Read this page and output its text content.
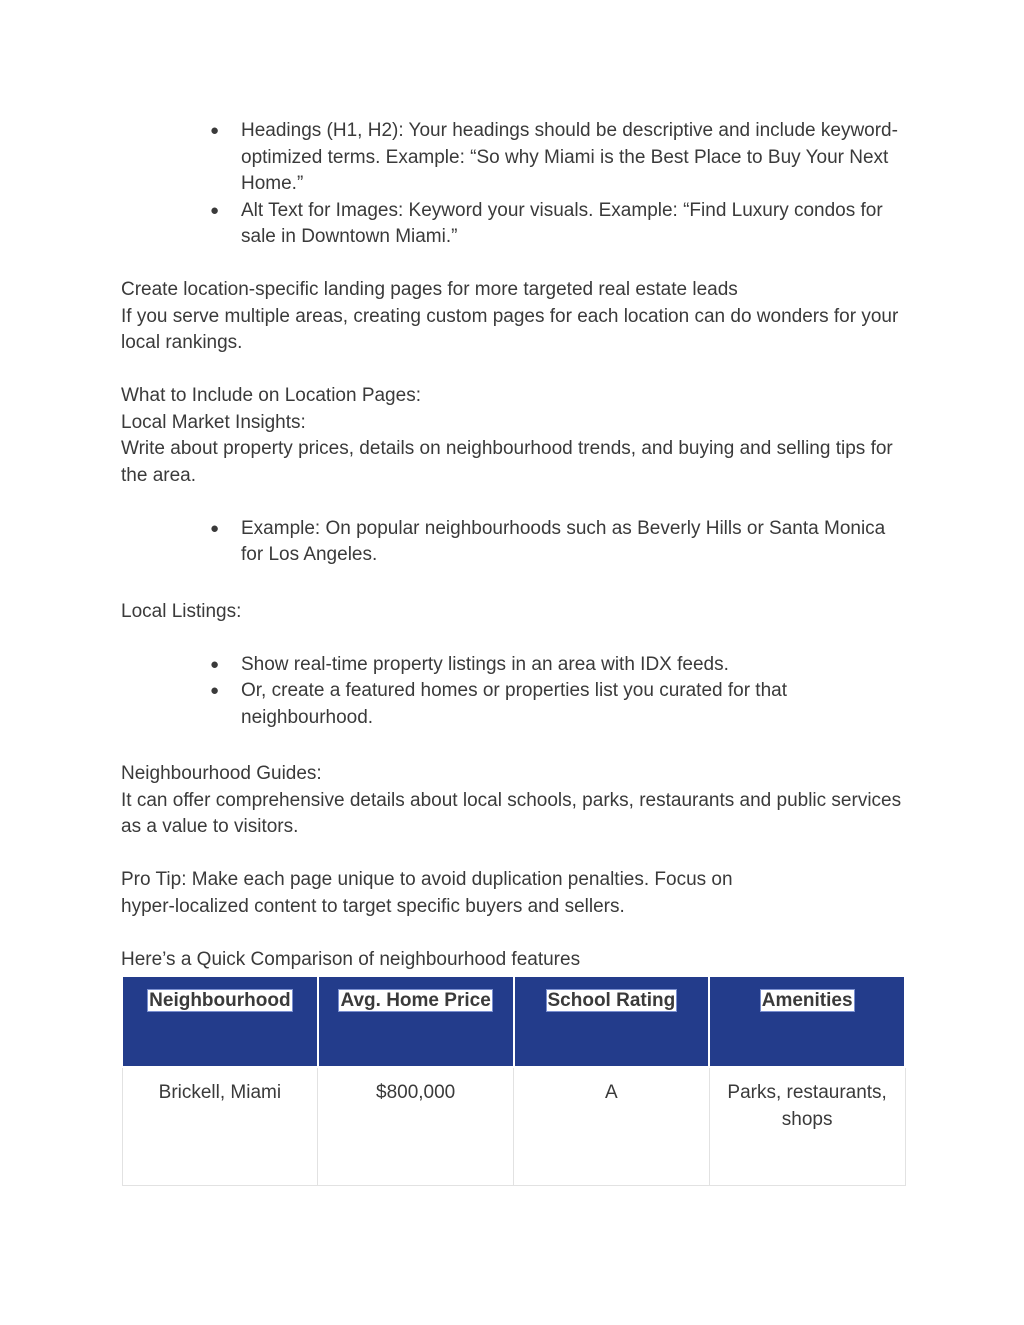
● Headings (H1, H2): Your headings should be descriptive and include keyword-optimized terms. Example: “So why Miami is the Best Place to Buy Your Next Home.”
● Alt Text for Images: Keyword your visuals. Example: “Find Luxury condos for sale in Downtown Miami.”

Create location-specific landing pages for more targeted real estate leads

If you serve multiple areas, creating custom pages for each location can do wonders for your local rankings.

What to Include on Location Pages:

Local Market Insights:

Write about property prices, details on neighbourhood trends, and buying and selling tips for the area.

● Example: On popular neighbourhoods such as Beverly Hills or Santa Monica for Los Angeles.

Local Listings:

● Show real-time property listings in an area with IDX feeds.
● Or, create a featured homes or properties list you curated for that neighbourhood.

Neighbourhood Guides:

It can offer comprehensive details about local schools, parks, restaurants and public services as a value to visitors.

Pro Tip: Make each page unique to avoid duplication penalties. Focus on

hyper-localized content to target specific buyers and sellers.

Here’s a Quick Comparison of neighbourhood features

Neighbourhood	Avg. Home Price	School Rating	Amenities
Brickell, Miami	$800,000	A	Parks, restaurants, shops
